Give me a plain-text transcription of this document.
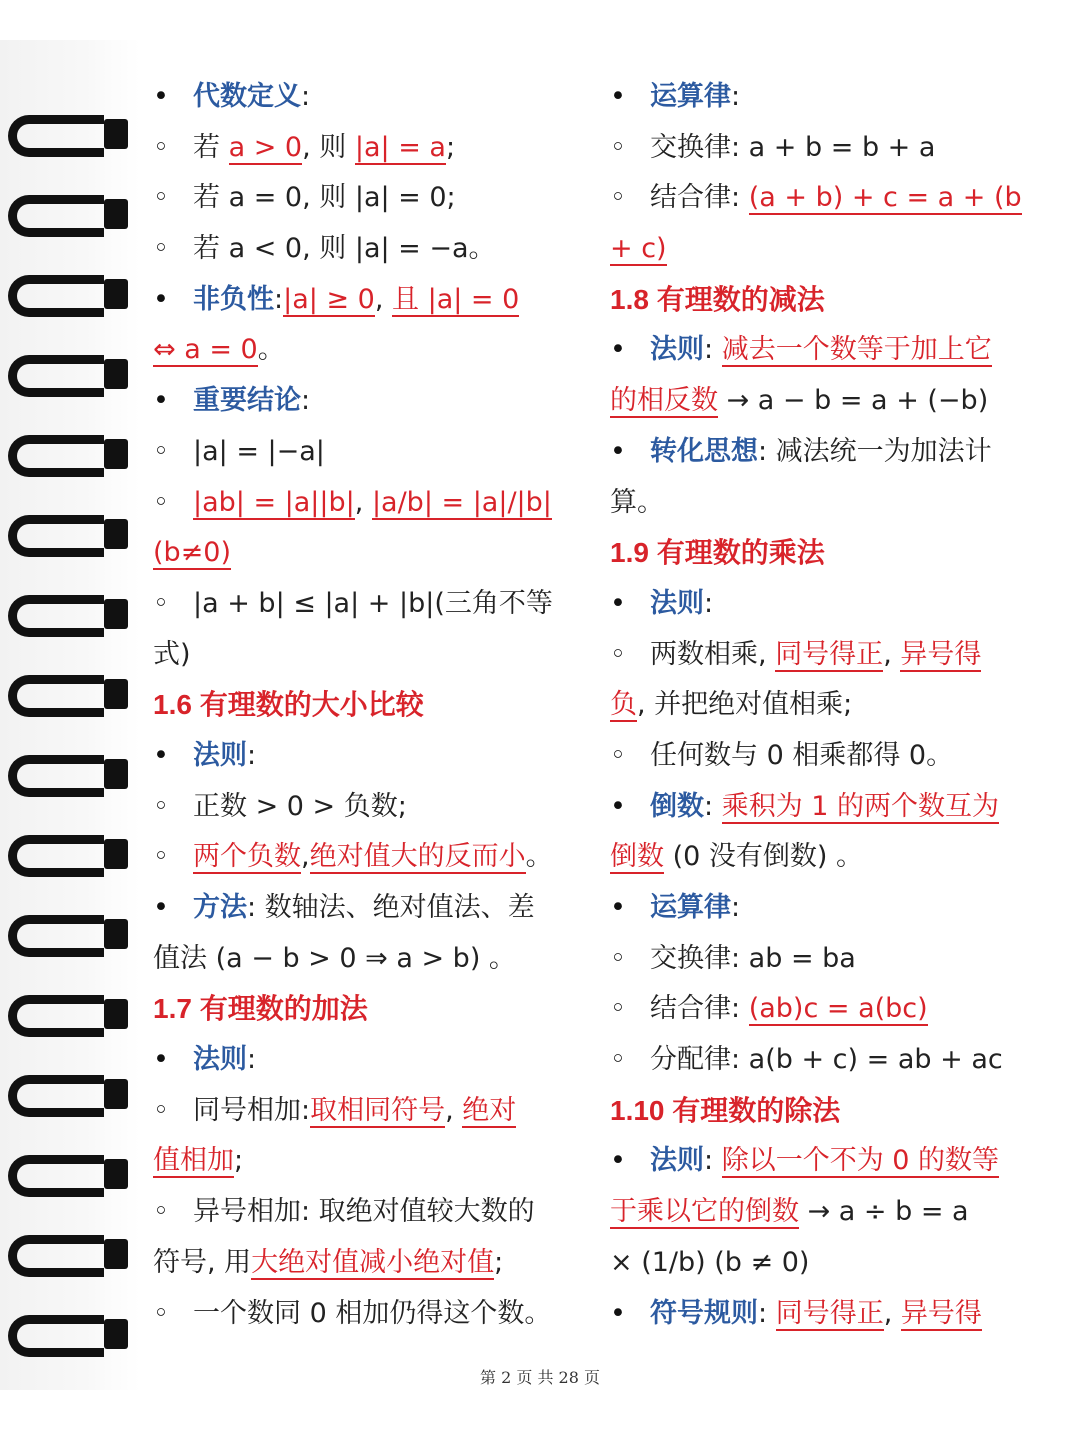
• 代数定义:
◦ 若 a > 0, 则 |a| = a;
◦ 若 a = 0, 则 |a| = 0;
◦ 若 a < 0, 则 |a| = −a。
• 非负性:|a| ≥ 0, 且 |a| = 0
⇔ a = 0。
• 重要结论:
◦ |a| = |−a|
◦ |ab| = |a||b|, |a/b| = |a|/|b|
(b≠0)
◦ |a + b| ≤ |a| + |b|(三角不等
式)
1.6 有理数的大小比较
• 法则:
◦ 正数 > 0 > 负数;
◦ 两个负数,绝对值大的反而小。
• 方法: 数轴法、绝对值法、差
值法 (a − b > 0 ⇒ a > b) 。
1.7 有理数的加法
• 法则:
◦ 同号相加:取相同符号, 绝对
值相加;
◦ 异号相加: 取绝对值较大数的
符号, 用大绝对值减小绝对值;
◦ 一个数同 0 相加仍得这个数。
• 运算律:
◦ 交换律: a + b = b + a
◦ 结合律: (a + b) + c = a + (b
+ c)
1.8 有理数的减法
• 法则: 减去一个数等于加上它
的相反数 → a − b = a + (−b)
• 转化思想: 减法统一为加法计
算。
1.9 有理数的乘法
• 法则:
◦ 两数相乘, 同号得正, 异号得
负, 并把绝对值相乘;
◦ 任何数与 0 相乘都得 0。
• 倒数: 乘积为 1 的两个数互为
倒数 (0 没有倒数) 。
• 运算律:
◦ 交换律: ab = ba
◦ 结合律: (ab)c = a(bc)
◦ 分配律: a(b + c) = ab + ac
1.10 有理数的除法
• 法则: 除以一个不为 0 的数等
于乘以它的倒数 → a ÷ b = a
× (1/b) (b ≠ 0)
• 符号规则: 同号得正, 异号得
第 2 页 共 28 页
